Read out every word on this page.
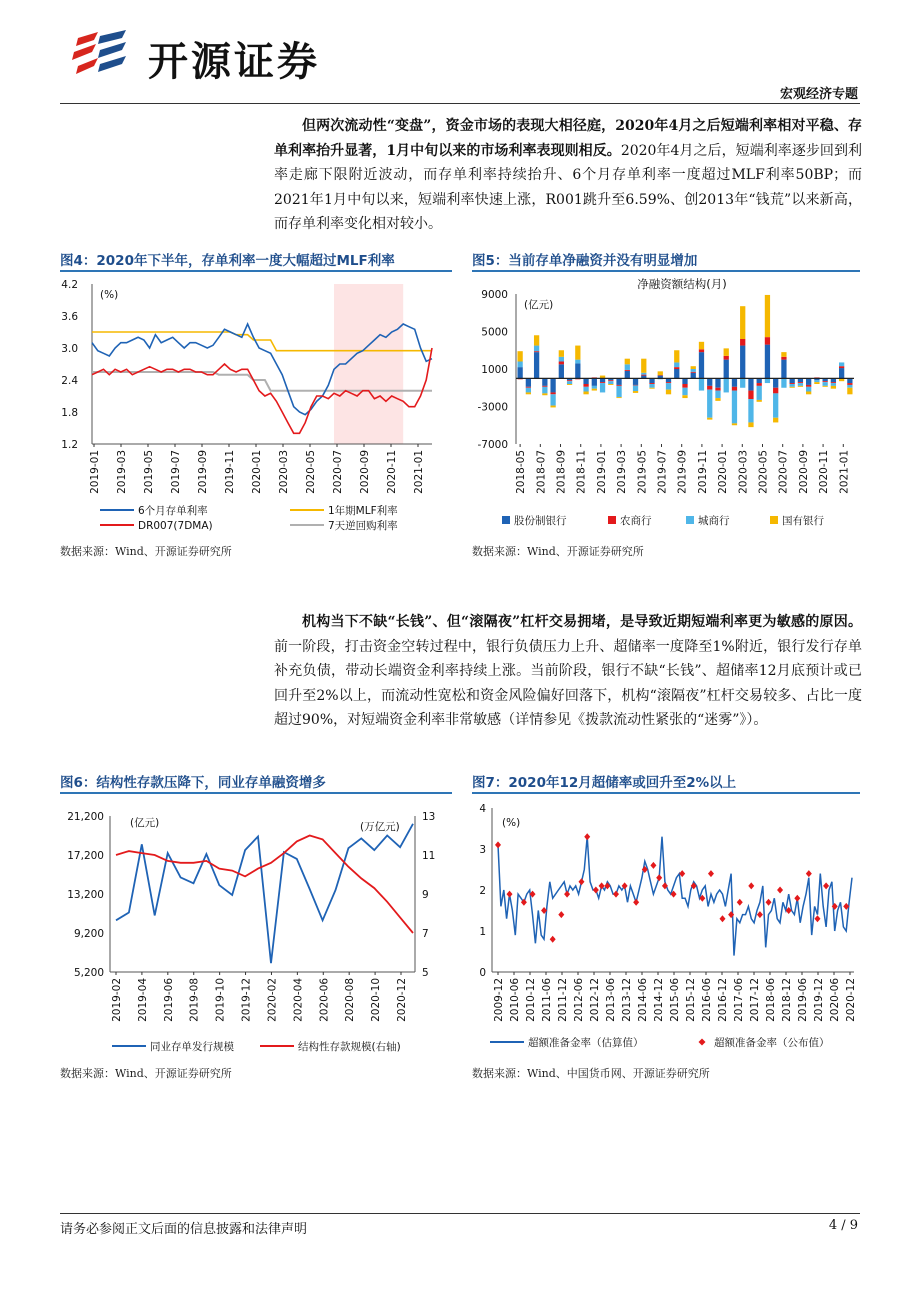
开源证券
宏观经济专题
但两次流动性“变盘”，资金市场的表现大相径庭，2020年4月之后短端利率相对平稳、存单利率抬升显著，1月中旬以来的市场利率表现则相反。2020年4月之后，短端利率逐步回到利率走廊下限附近波动，而存单利率持续抬升、6个月存单利率一度超过MLF利率50BP；而2021年1月中旬以来，短端利率快速上涨，R001跳升至6.59%、创2013年“钱荒”以来新高，而存单利率变化相对较小。
图4：2020年下半年，存单利率一度大幅超过MLF利率	图5：当前存单净融资并没有明显增加
4.2
3.6
3.0
2.4
1.8
1.2
(%)
2019-01 2019-03 2019-05 2019-07 2019-09 2019-11 2020-01 2020-03 2020-05 2020-07 2020-09 2020-11 2021-01
6个月存单利率	1年期MLF利率
DR007(7DMA)	7天逆回购利率
数据来源：Wind、开源证券研究所
9000
5000
1000
-3000
-7000
净融资额结构(月)
(亿元)
2018-05 2018-07 2018-09 2018-11 2019-01 2019-03 2019-05 2019-07 2019-09 2019-11 2020-01 2020-03 2020-05 2020-07 2020-09 2020-11 2021-01
股份制银行	农商行	城商行	国有银行
数据来源：Wind、开源证券研究所
机构当下不缺“长钱”、但“滚隔夜”杠杆交易拥堵，是导致近期短端利率更为敏感的原因。前一阶段，打击资金空转过程中，银行负债压力上升、超储率一度降至1%附近，银行发行存单补充负债，带动长端资金利率持续上涨。当前阶段，银行不缺“长钱”、超储率12月底预计或已回升至2%以上，而流动性宽松和资金风险偏好回落下，机构“滚隔夜”杠杆交易较多、占比一度超过90%，对短端资金利率非常敏感（详情参见《拨款流动性紧张的“迷雾”》）。
图6：结构性存款压降下，同业存单融资增多	图7：2020年12月超储率或回升至2%以上
21,200
17,200
13,200
9,200
5,200
13
11
9
7
5
(亿元)	(万亿元)
2019-02 2019-04 2019-06 2019-08 2019-10 2019-12 2020-02 2020-04 2020-06 2020-08 2020-10 2020-12
同业存单发行规模	结构性存款规模(右轴)
数据来源：Wind、开源证券研究所
4
3
2
1
0
(%)
2009-12 2010-06 2010-12 2011-06 2011-12 2012-06 2012-12 2013-06 2013-12 2014-06 2014-12 2015-06 2015-12 2016-06 2016-12 2017-06 2017-12 2018-06 2018-12 2019-06 2019-12 2020-06 2020-12
超额准备金率（估算值）	超额准备金率（公布值）
数据来源：Wind、中国货币网、开源证券研究所
请务必参阅正文后面的信息披露和法律声明	4 / 9
